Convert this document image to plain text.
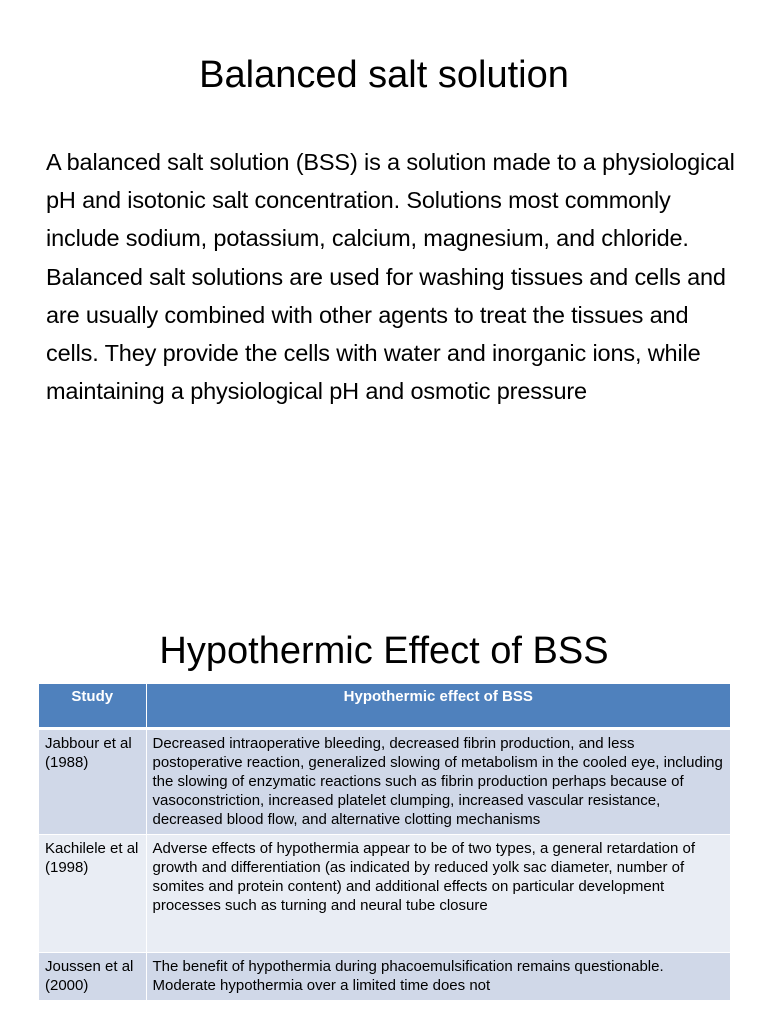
Balanced salt solution

A balanced salt solution (BSS) is a solution made to a physiological pH and isotonic salt concentration. Solutions most commonly include sodium, potassium, calcium, magnesium, and chloride. Balanced salt solutions are used for washing tissues and cells and are usually combined with other agents to treat the tissues and cells. They provide the cells with water and inorganic ions, while maintaining a physiological pH and osmotic pressure

Hypothermic Effect of BSS
Study	Hypothermic effect of BSS
Jabbour et al (1988)	Decreased intraoperative bleeding, decreased fibrin production, and less postoperative reaction, generalized slowing of metabolism in the cooled eye, including the slowing of enzymatic reactions such as fibrin production perhaps because of vasoconstriction, increased platelet clumping, increased vascular resistance, decreased blood flow, and alternative clotting mechanisms
Kachilele et al (1998)	Adverse effects of hypothermia appear to be of two types, a general retardation of growth and differentiation (as indicated by reduced yolk sac diameter, number of somites and protein content) and additional effects on particular development processes such as turning and neural tube closure
Joussen et al (2000)	The benefit of hypothermia during phacoemulsification remains questionable. Moderate hypothermia over a limited time does not
